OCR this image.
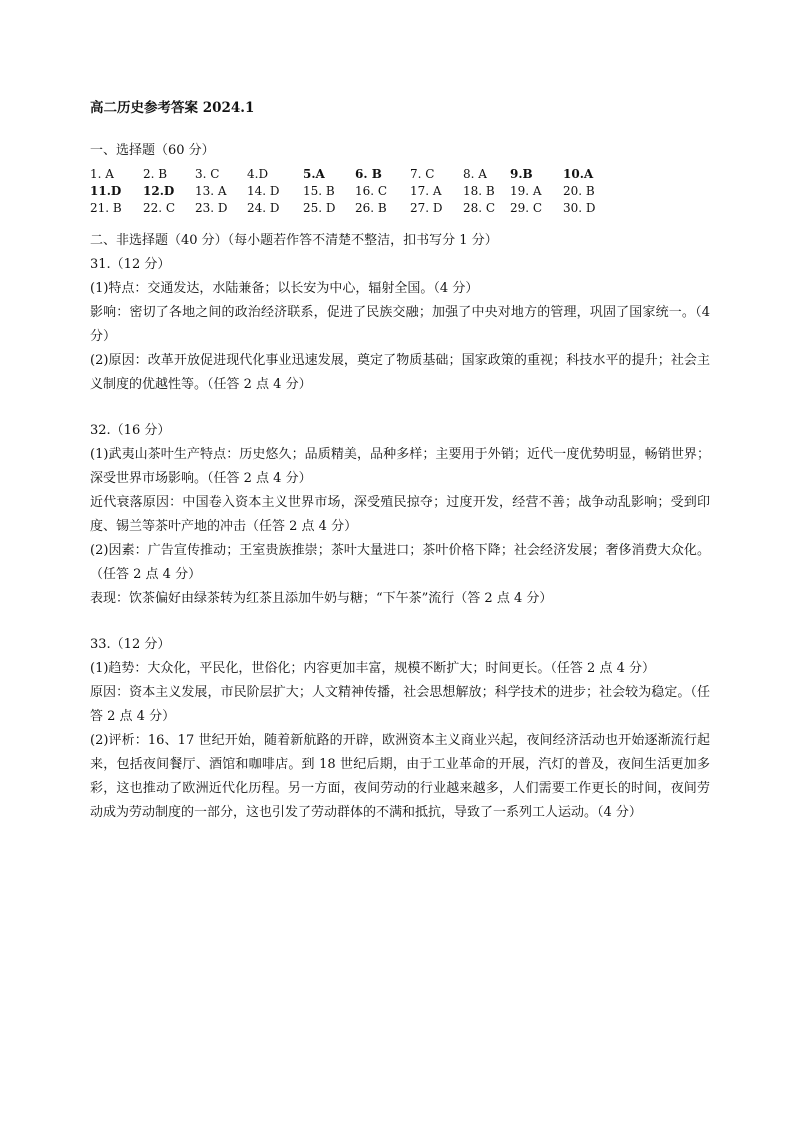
高二历史参考答案 2024.1
一、选择题（60 分）
1. A	2. B	3. C	4.D	5.A	6. B	7. C	8. A	9.B	10.A
11.D	12.D	13. A	14. D	15. B	16. C	17. A	18. B	19. A	20. B
21. B	22. C	23. D	24. D	25. D	26. B	27. D	28. C	29. C	30. D
二、非选择题（40 分）（每小题若作答不清楚不整洁，扣书写分 1 分）

31.（12 分）

(1)特点：交通发达，水陆兼备；以长安为中心，辐射全国。（4 分）

影响：密切了各地之间的政治经济联系，促进了民族交融；加强了中央对地方的管理，巩固了国家统一。（4 分）

(2)原因：改革开放促进现代化事业迅速发展，奠定了物质基础；国家政策的重视；科技水平的提升；社会主义制度的优越性等。（任答 2 点 4 分）

32.（16 分）

(1)武夷山茶叶生产特点：历史悠久；品质精美，品种多样；主要用于外销；近代一度优势明显，畅销世界；深受世界市场影响。（任答 2 点 4 分）

近代衰落原因：中国卷入资本主义世界市场，深受殖民掠夺；过度开发，经营不善；战争动乱影响；受到印度、锡兰等茶叶产地的冲击（任答 2 点 4 分）

(2)因素：广告宣传推动；王室贵族推崇；茶叶大量进口；茶叶价格下降；社会经济发展；奢侈消费大众化。（任答 2 点 4 分）

表现：饮茶偏好由绿茶转为红茶且添加牛奶与糖；“下午茶”流行（答 2 点 4 分）

33.（12 分）

(1)趋势：大众化，平民化，世俗化；内容更加丰富，规模不断扩大；时间更长。（任答 2 点 4 分）

原因：资本主义发展，市民阶层扩大；人文精神传播，社会思想解放；科学技术的进步；社会较为稳定。（任答 2 点 4 分）

(2)评析：16、17 世纪开始，随着新航路的开辟，欧洲资本主义商业兴起，夜间经济活动也开始逐渐流行起来，包括夜间餐厅、酒馆和咖啡店。到 18 世纪后期，由于工业革命的开展，汽灯的普及，夜间生活更加多彩，这也推动了欧洲近代化历程。另一方面，夜间劳动的行业越来越多，人们需要工作更长的时间，夜间劳动成为劳动制度的一部分，这也引发了劳动群体的不满和抵抗，导致了一系列工人运动。（4 分）
